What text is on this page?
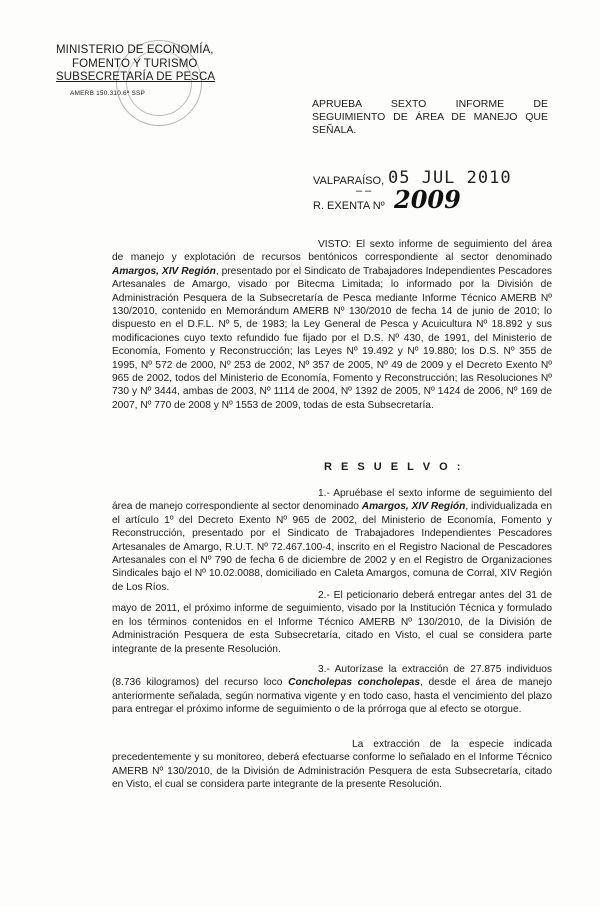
MINISTERIO DE ECONOMÍA,
FOMENTO Y TURISMO
SUBSECRETARÍA DE PESCA
AMERB 150.310.6ª SSP
APRUEBA SEXTO INFORME DE
SEGUIMIENTO DE ÁREA DE MANEJO QUE
SEÑALA.
VALPARAÍSO, 05 JUL 2010
– –
R. EXENTA Nº 2009
VISTO: El sexto informe de seguimiento del área de manejo y explotación de recursos bentónicos correspondiente al sector denominado Amargos, XIV Región, presentado por el Sindicato de Trabajadores Independientes Pescadores Artesanales de Amargo, visado por Bitecma Limitada; lo informado por la División de Administración Pesquera de la Subsecretaría de Pesca mediante Informe Técnico AMERB Nº 130/2010, contenido en Memorándum AMERB Nº 130/2010 de fecha 14 de junio de 2010; lo dispuesto en el D.F.L. Nº 5, de 1983; la Ley General de Pesca y Acuicultura Nº 18.892 y sus modificaciones cuyo texto refundido fue fijado por el D.S. Nº 430, de 1991, del Ministerio de Economía, Fomento y Reconstrucción; las Leyes Nº 19.492 y Nº 19.880; los D.S. Nº 355 de 1995, Nº 572 de 2000, Nº 253 de 2002, Nº 357 de 2005, Nº 49 de 2009 y el Decreto Exento Nº 965 de 2002, todos del Ministerio de Economía, Fomento y Reconstrucción; las Resoluciones Nº 730 y Nº 3444, ambas de 2003, Nº 1114 de 2004, Nº 1392 de 2005, Nº 1424 de 2006, Nº 169 de 2007, Nº 770 de 2008 y Nº 1553 de 2009, todas de esta Subsecretaría.
R E S U E L V O :
1.- Apruébase el sexto informe de seguimiento del área de manejo correspondiente al sector denominado Amargos, XIV Región, individualizada en el artículo 1º del Decreto Exento Nº 965 de 2002, del Ministerio de Economía, Fomento y Reconstrucción, presentado por el Sindicato de Trabajadores Independientes Pescadores Artesanales de Amargo, R.U.T. Nº 72.467.100-4, inscrito en el Registro Nacional de Pescadores Artesanales con el Nº 790 de fecha 6 de diciembre de 2002 y en el Registro de Organizaciones Sindicales bajo el Nº 10.02.0088, domiciliado en Caleta Amargos, comuna de Corral, XIV Región de Los Ríos.
2.- El peticionario deberá entregar antes del 31 de mayo de 2011, el próximo informe de seguimiento, visado por la Institución Técnica y formulado en los términos contenidos en el Informe Técnico AMERB Nº 130/2010, de la División de Administración Pesquera de esta Subsecretaría, citado en Visto, el cual se considera parte integrante de la presente Resolución.
3.- Autorízase la extracción de 27.875 individuos (8.736 kilogramos) del recurso loco Concholepas concholepas, desde el área de manejo anteriormente señalada, según normativa vigente y en todo caso, hasta el vencimiento del plazo para entregar el próximo informe de seguimiento o de la prórroga que al efecto se otorgue.
La extracción de la especie indicada precedentemente y su monitoreo, deberá efectuarse conforme lo señalado en el Informe Técnico AMERB Nº 130/2010, de la División de Administración Pesquera de esta Subsecretaría, citado en Visto, el cual se considera parte integrante de la presente Resolución.
